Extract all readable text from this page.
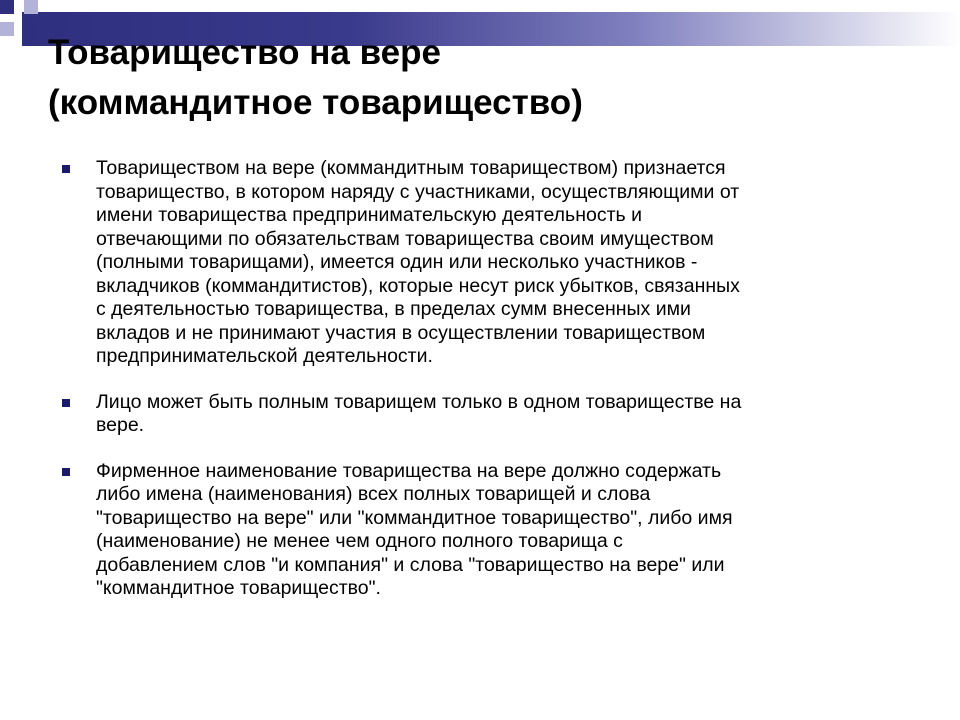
Товарищество на вере
(коммандитное товарищество)
Товариществом на вере (коммандитным товариществом) признается
товарищество, в котором наряду с участниками, осуществляющими от
имени товарищества предпринимательскую деятельность и
отвечающими по обязательствам товарищества своим имуществом
(полными товарищами), имеется один или несколько участников -
вкладчиков (коммандитистов), которые несут риск убытков, связанных
с деятельностью товарищества, в пределах сумм внесенных ими
вкладов и не принимают участия в осуществлении товариществом
предпринимательской деятельности.
Лицо может быть полным товарищем только в одном товариществе на
вере.
Фирменное наименование товарищества на вере должно содержать
либо имена (наименования) всех полных товарищей и слова
"товарищество на вере" или "коммандитное товарищество", либо имя
(наименование) не менее чем одного полного товарища с
добавлением слов "и компания" и слова "товарищество на вере" или
"коммандитное товарищество".
